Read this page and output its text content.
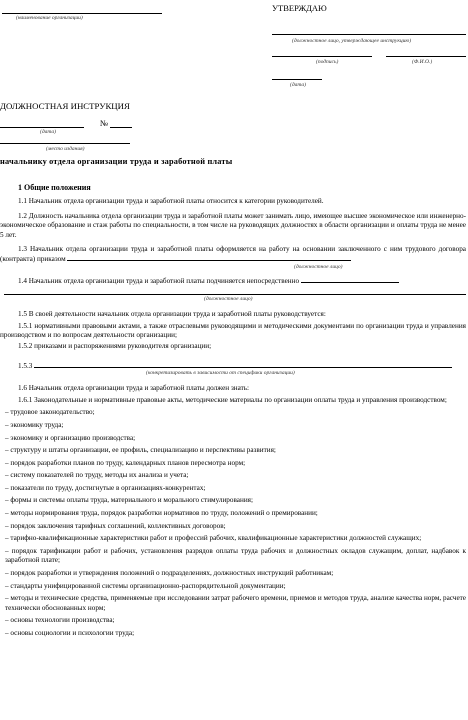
(наименование организации)
УТВЕРЖДАЮ
(должностное лицо, утверждающее инструкцию)
(подпись)	(Ф.И.О.)
(дата)
ДОЛЖНОСТНАЯ ИНСТРУКЦИЯ
№
(дата)
(место издания)
начальнику отдела организации труда и заработной платы
1 Общие положения
1.1 Начальник отдела организации труда и заработной платы относится к категории руководителей.
1.2 Должность начальника отдела организации труда и заработной платы может занимать лицо, имеющее высшее экономическое или инженерно-экономическое образование и стаж работы по специальности, в том числе на руководящих должностях в области организации и оплаты труда не менее 5 лет.
1.3 Начальник отдела организации труда и заработной платы оформляется на работу на основании заключенного с ним трудового договора (контракта) приказом
(должностное лицо)
1.4 Начальник отдела организации труда и заработной платы подчиняется непосредственно
(должностное лицо)
1.5 В своей деятельности начальник отдела организации труда и заработной платы руководствуется:
1.5.1 нормативными правовыми актами, а также отраслевыми руководящими и методическими документами по организации труда и управления производством и по вопросам деятельности организации;
1.5.2 приказами и распоряжениями руководителя организации;
1.5.3
(конкретизировать в зависимости от специфики организации)
1.6 Начальник отдела организации труда и заработной платы должен знать:
1.6.1 Законодательные и нормативные правовые акты, методические материалы по организации оплаты труда и управления производством;
– трудовое законодательство;
– экономику труда;
– экономику и организацию производства;
– структуру и штаты организации, ее профиль, специализацию и перспективы развития;
– порядок разработки планов по труду, календарных планов пересмотра норм;
– систему показателей по труду, методы их анализа и учета;
– показатели по труду, достигнутые в организациях-конкурентах;
– формы и системы оплаты труда, материального и морального стимулирования;
– методы нормирования труда, порядок разработки нормативов по труду, положений о премировании;
– порядок заключения тарифных соглашений, коллективных договоров;
– тарифно-квалификационные характеристики работ и профессий рабочих, квалификационные характеристики должностей служащих;
– порядок тарификации работ и рабочих, установления разрядов оплаты труда рабочих и должностных окладов служащим, доплат, надбавок к заработной плате;
– порядок разработки и утверждения положений о подразделениях, должностных инструкций работникам;
– стандарты унифицированной системы организационно-распорядительной документации;
– методы и технические средства, применяемые при исследовании затрат рабочего времени, приемов и методов труда, анализе качества норм, расчете технически обоснованных норм;
– основы технологии производства;
– основы социологии и психологии труда;
